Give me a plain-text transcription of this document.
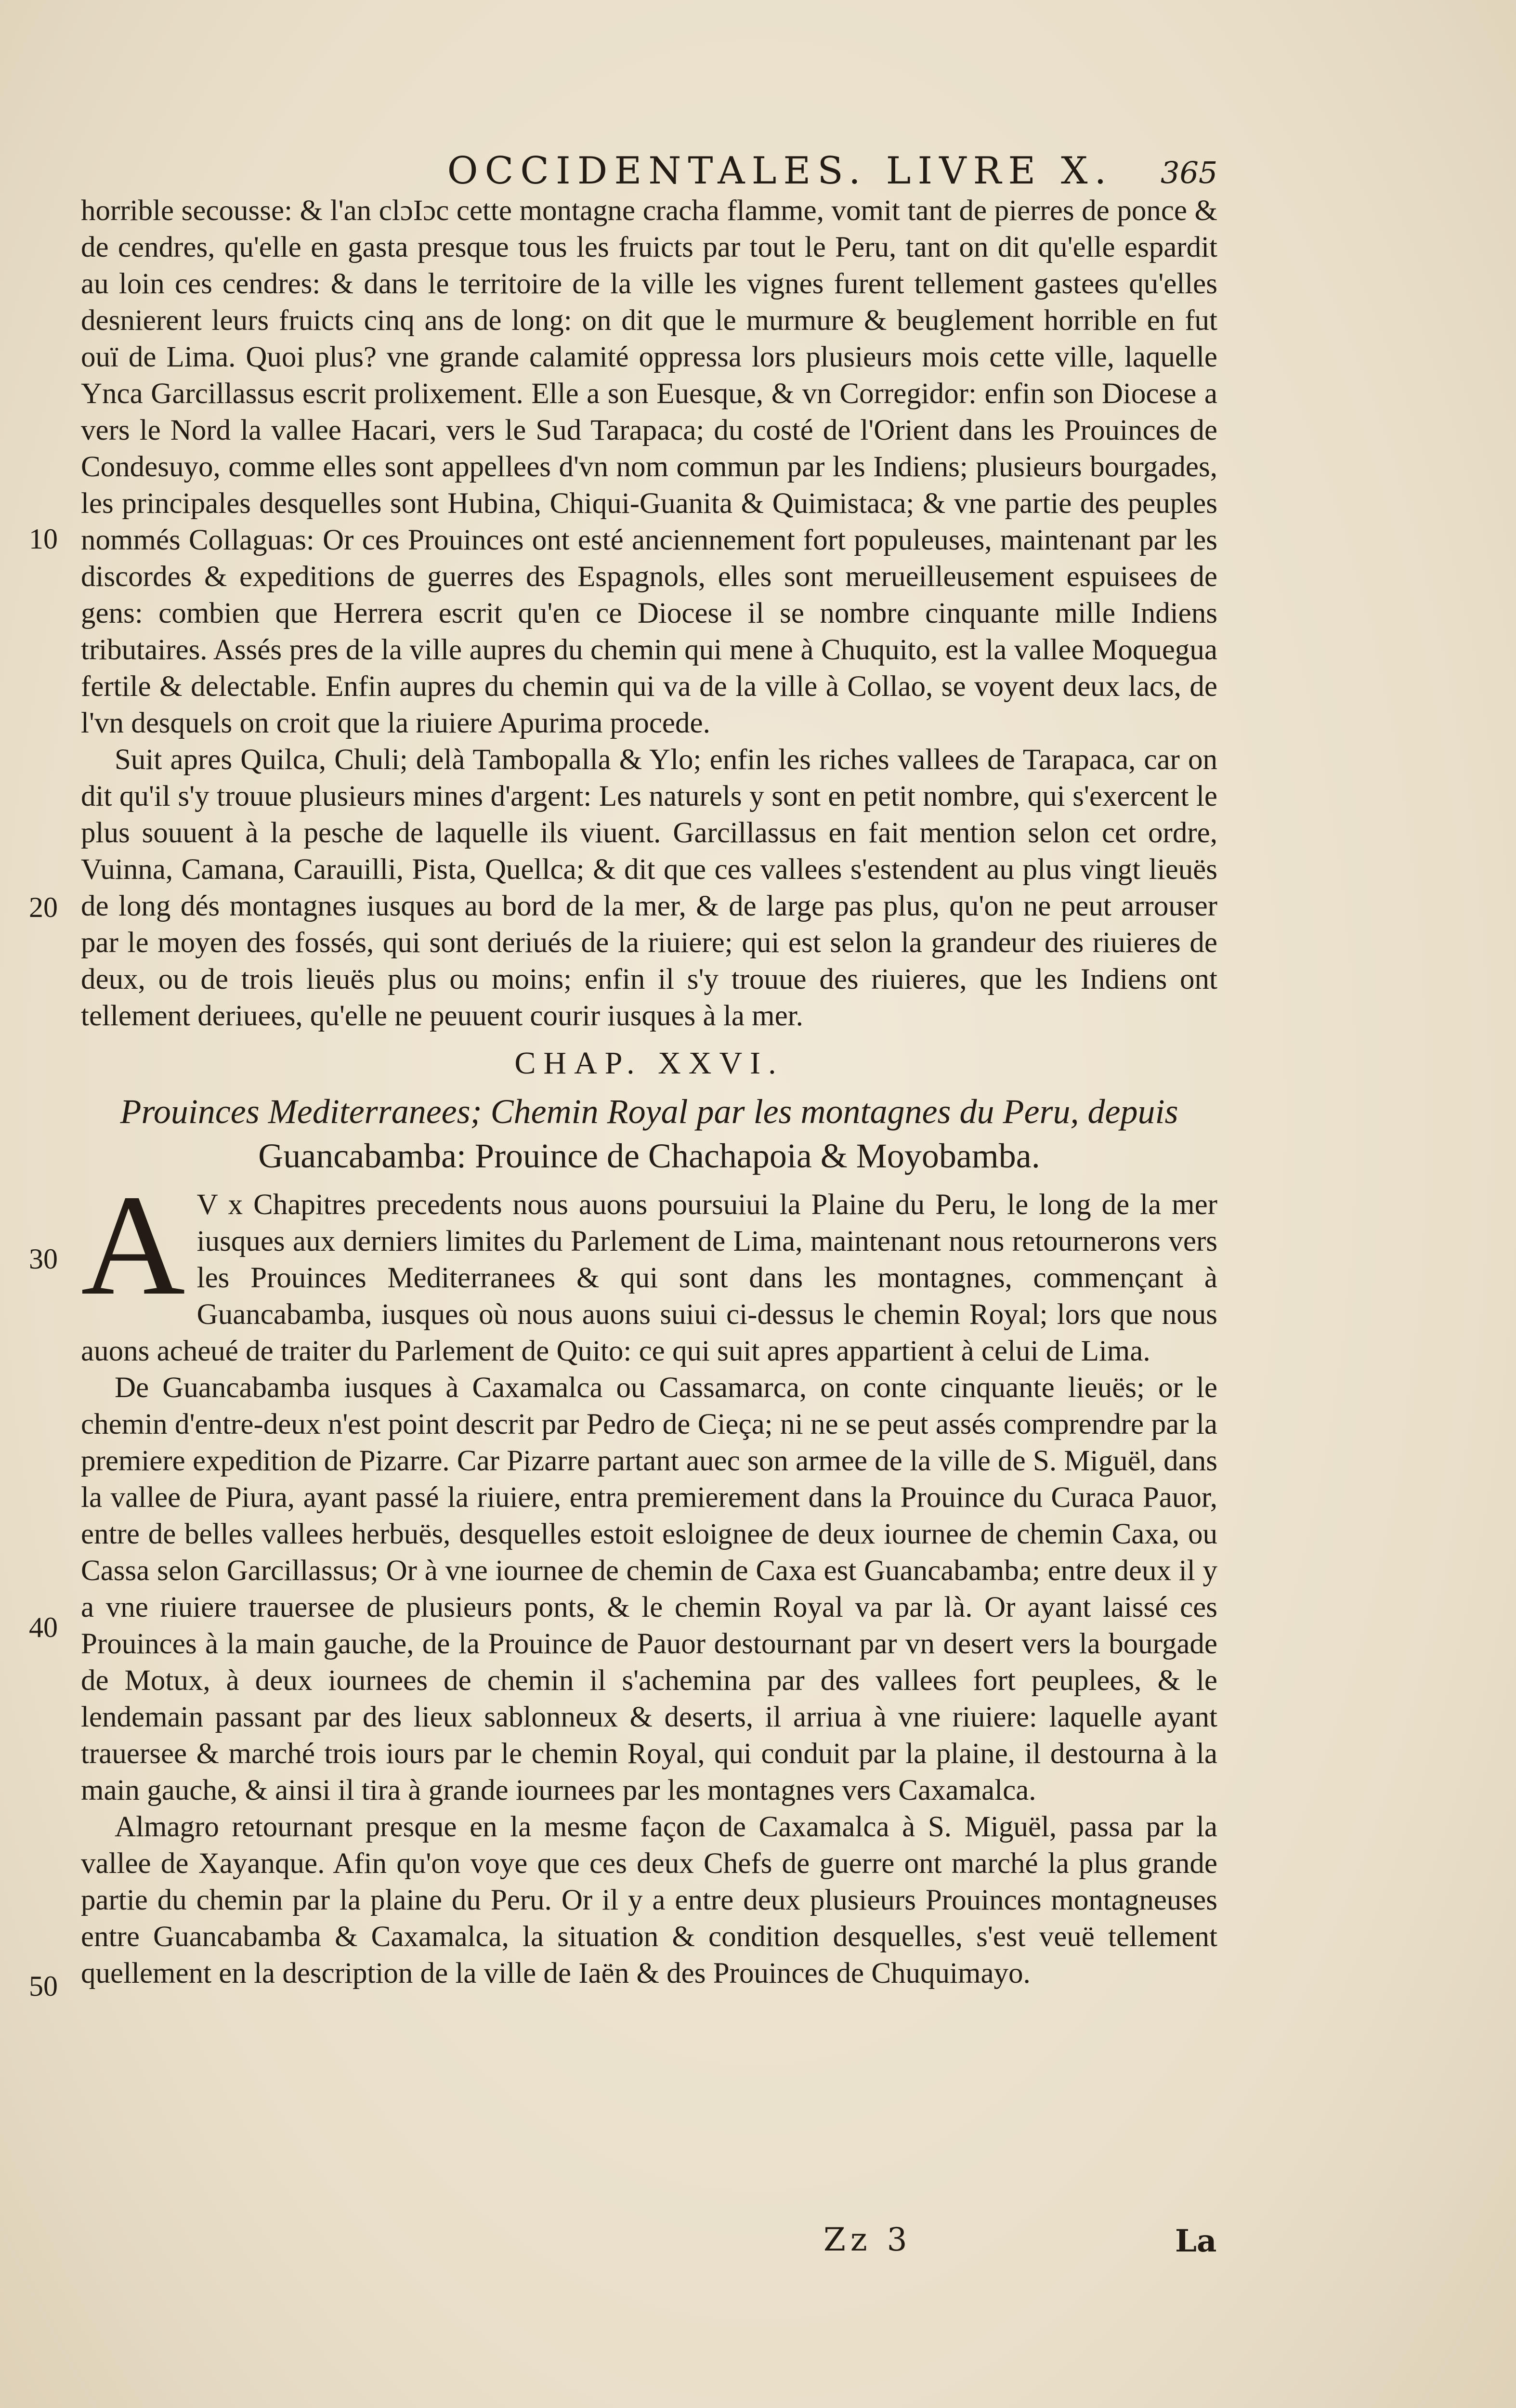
OCCIDENTALES. LIVRE X.	365
10
20
30
40
50

horrible secousse: & l'an clɔIɔc cette montagne cracha flamme, vomit tant de pierres de ponce & de cendres, qu'elle en gasta presque tous les fruicts par tout le Peru, tant on dit qu'elle espardit au loin ces cendres: & dans le territoire de la ville les vignes furent tellement gastees qu'elles desnierent leurs fruicts cinq ans de long: on dit que le murmure & beuglement horrible en fut ouï de Lima. Quoi plus? vne grande calamité oppressa lors plusieurs mois cette ville, laquelle Ynca Garcillassus escrit prolixement. Elle a son Euesque, & vn Corregidor: enfin son Diocese a vers le Nord la vallee Hacari, vers le Sud Tarapaca; du costé de l'Orient dans les Prouinces de Condesuyo, comme elles sont appellees d'vn nom commun par les Indiens; plusieurs bourgades, les principales desquelles sont Hubina, Chiqui-Guanita & Quimistaca; & vne partie des peuples nommés Collaguas: Or ces Prouinces ont esté anciennement fort populeuses, maintenant par les discordes & expeditions de guerres des Espagnols, elles sont merueilleusement espuisees de gens: combien que Herrera escrit qu'en ce Diocese il se nombre cinquante mille Indiens tributaires. Assés pres de la ville aupres du chemin qui mene à Chuquito, est la vallee Moquegua fertile & delectable. Enfin aupres du chemin qui va de la ville à Collao, se voyent deux lacs, de l'vn desquels on croit que la riuiere Apurima procede.

Suit apres Quilca, Chuli; delà Tambopalla & Ylo; enfin les riches vallees de Tarapaca, car on dit qu'il s'y trouue plusieurs mines d'argent: Les naturels y sont en petit nombre, qui s'exercent le plus souuent à la pesche de laquelle ils viuent. Garcillassus en fait mention selon cet ordre, Vuinna, Camana, Carauilli, Pista, Quellca; & dit que ces vallees s'estendent au plus vingt lieuës de long dés montagnes iusques au bord de la mer, & de large pas plus, qu'on ne peut arrouser par le moyen des fossés, qui sont deriués de la riuiere; qui est selon la grandeur des riuieres de deux, ou de trois lieuës plus ou moins; enfin il s'y trouue des riuieres, que les Indiens ont tellement deriuees, qu'elle ne peuuent courir iusques à la mer.

CHAP. XXVI.
Prouinces Mediterranees; Chemin Royal par les montagnes du Peru, depuis
Guancabamba: Prouince de Chachapoia & Moyobamba.

A V x Chapitres precedents nous auons poursuiui la Plaine du Peru, le long de la mer iusques aux derniers limites du Parlement de Lima, maintenant nous retournerons vers les Prouinces Mediterranees & qui sont dans les montagnes, commençant à Guancabamba, iusques où nous auons suiui ci-dessus le chemin Royal; lors que nous auons acheué de traiter du Parlement de Quito: ce qui suit apres appartient à celui de Lima.

De Guancabamba iusques à Caxamalca ou Cassamarca, on conte cinquante lieuës; or le chemin d'entre-deux n'est point descrit par Pedro de Cieça; ni ne se peut assés comprendre par la premiere expedition de Pizarre. Car Pizarre partant auec son armee de la ville de S. Miguël, dans la vallee de Piura, ayant passé la riuiere, entra premierement dans la Prouince du Curaca Pauor, entre de belles vallees herbuës, desquelles estoit esloignee de deux iournee de chemin Caxa, ou Cassa selon Garcillassus; Or à vne iournee de chemin de Caxa est Guancabamba; entre deux il y a vne riuiere trauersee de plusieurs ponts, & le chemin Royal va par là. Or ayant laissé ces Prouinces à la main gauche, de la Prouince de Pauor destournant par vn desert vers la bourgade de Motux, à deux iournees de chemin il s'achemina par des vallees fort peuplees, & le lendemain passant par des lieux sablonneux & deserts, il arriua à vne riuiere: laquelle ayant trauersee & marché trois iours par le chemin Royal, qui conduit par la plaine, il destourna à la main gauche, & ainsi il tira à grande iournees par les montagnes vers Caxamalca.

Almagro retournant presque en la mesme façon de Caxamalca à S. Miguël, passa par la vallee de Xayanque. Afin qu'on voye que ces deux Chefs de guerre ont marché la plus grande partie du chemin par la plaine du Peru. Or il y a entre deux plusieurs Prouinces montagneuses entre Guancabamba & Caxamalca, la situation & condition desquelles, s'est veuë tellement quellement en la description de la ville de Iaën & des Prouinces de Chuquimayo.

Zz 3	La
